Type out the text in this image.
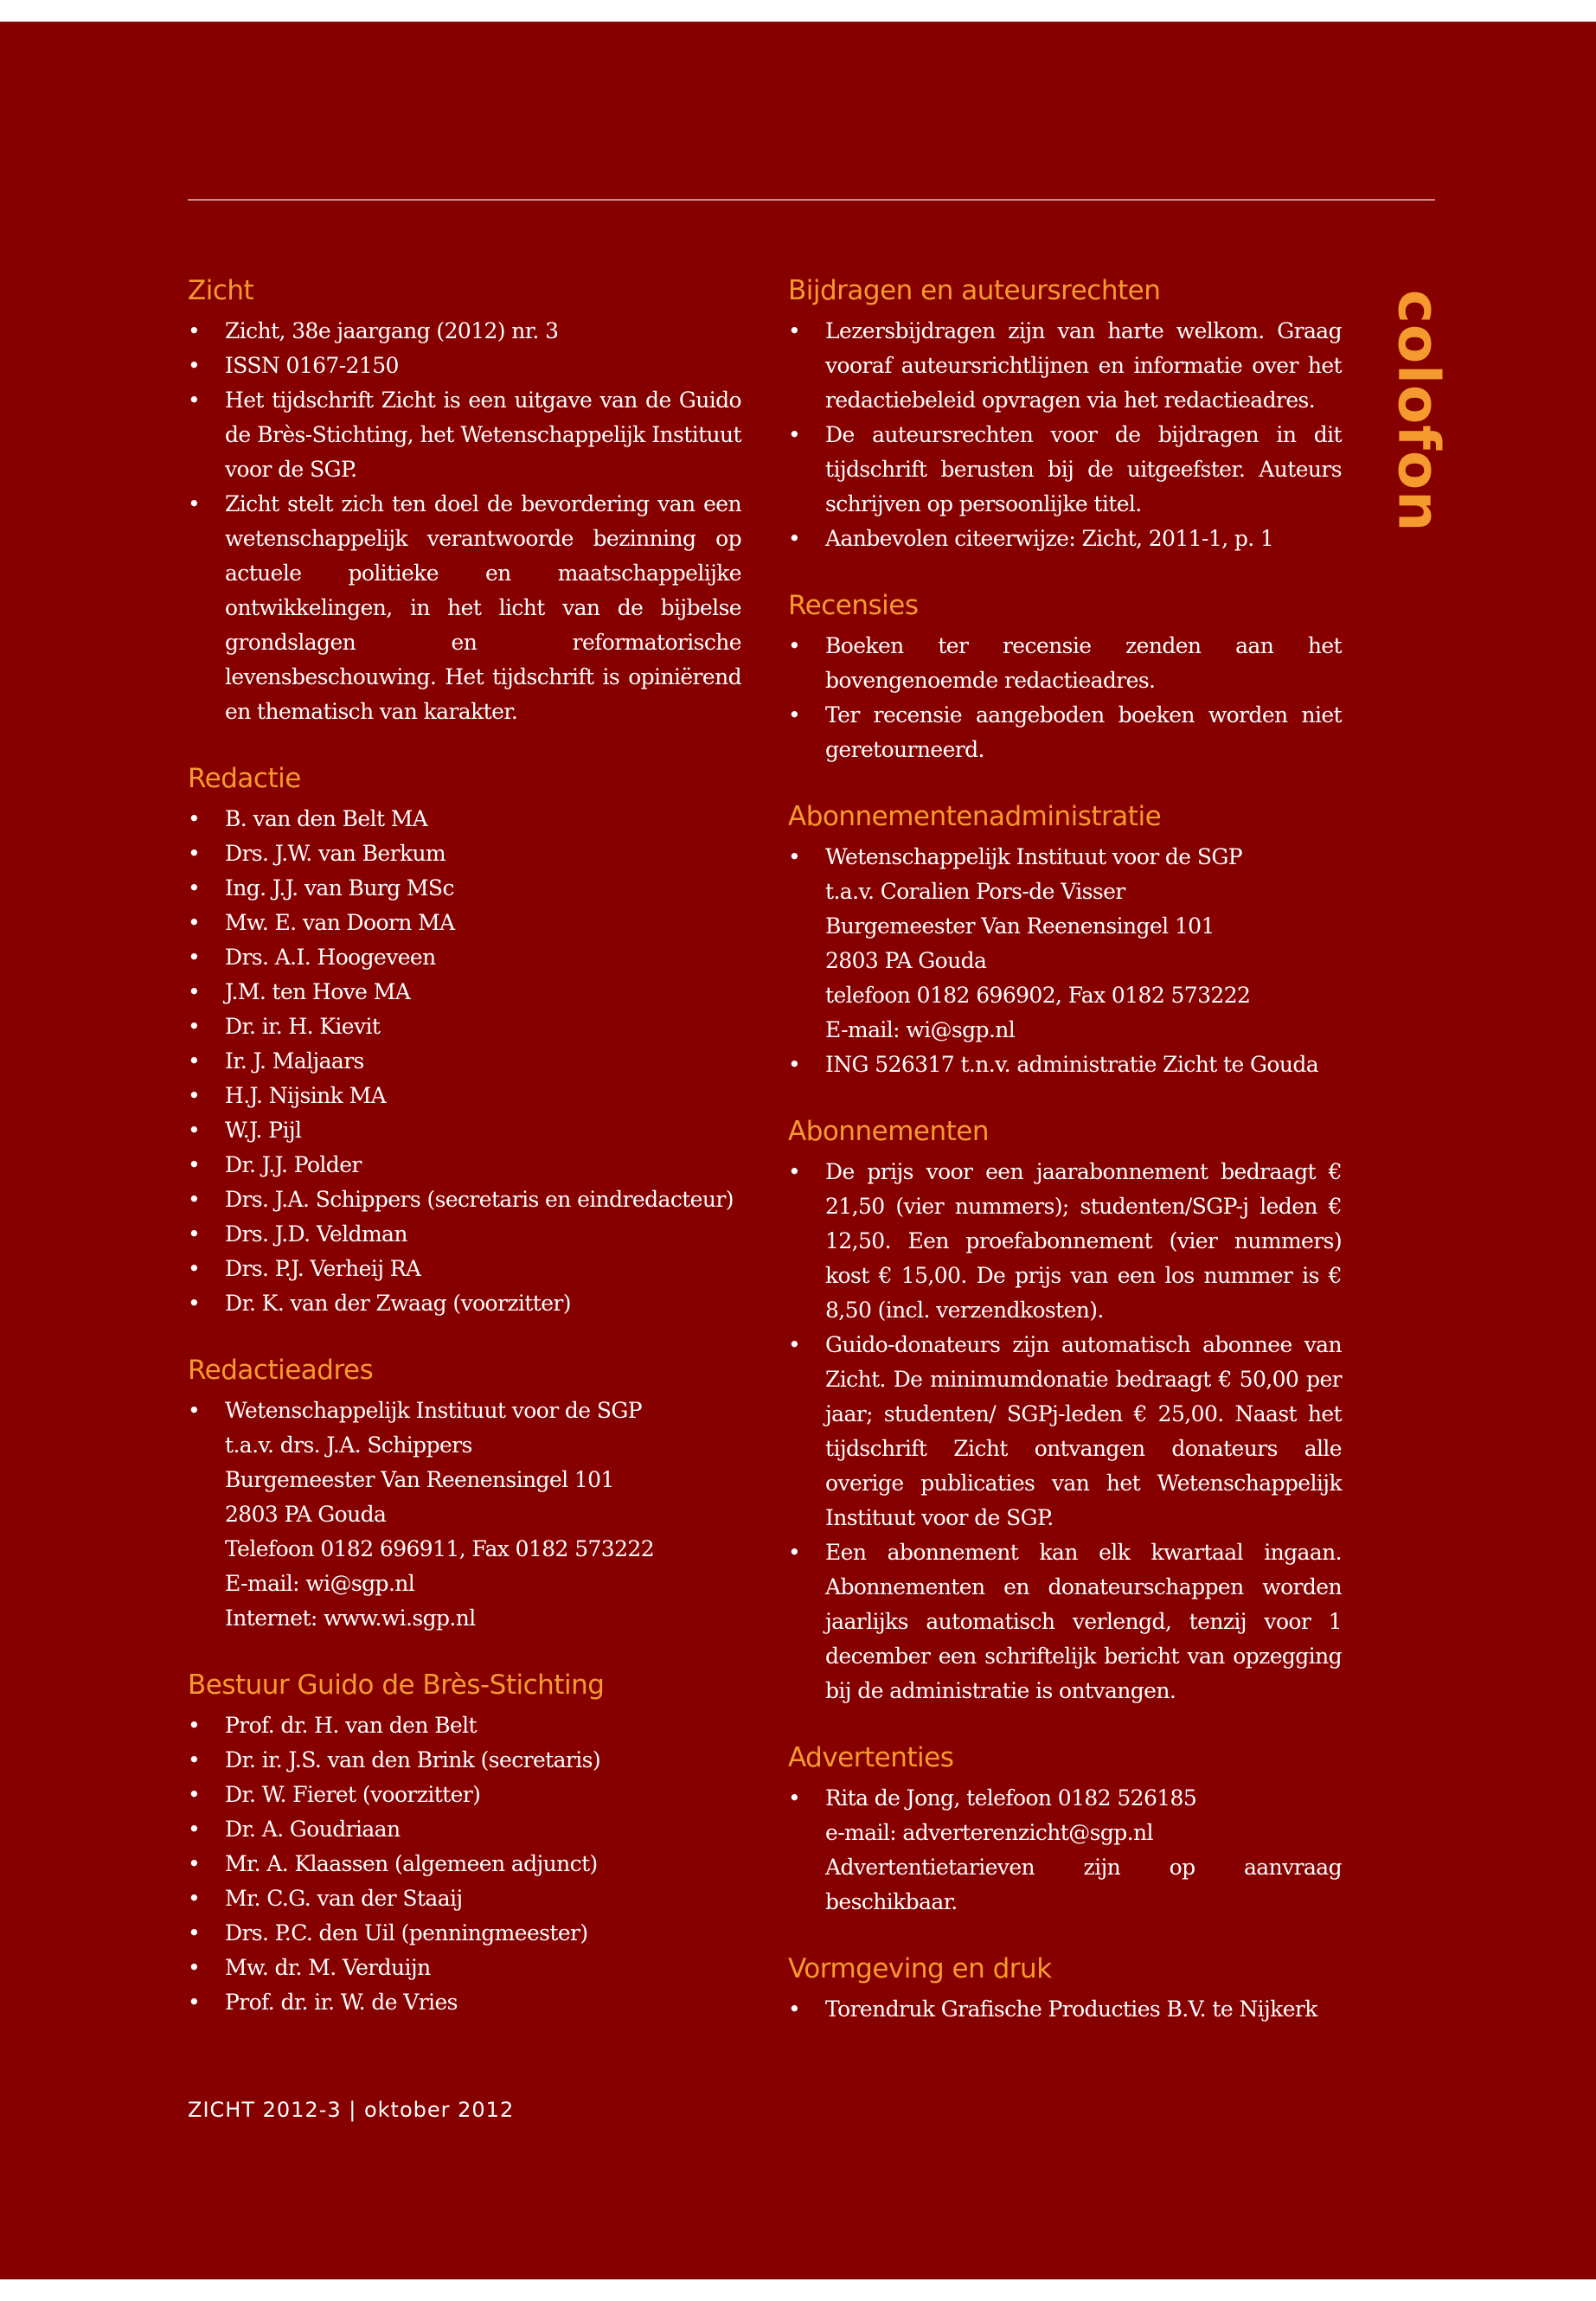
Zicht
• Zicht, 38e jaargang (2012) nr. 3
• ISSN 0167-2150
• Het tijdschrift Zicht is een uitgave van de Guido de Brès-Stichting, het Wetenschappelijk Instituut voor de SGP.
• Zicht stelt zich ten doel de bevordering van een wetenschappelijk verantwoorde bezinning op actuele politieke en maatschappelijke ontwikkelingen, in het licht van de bijbelse grondslagen en reformatorische levensbeschouwing. Het tijdschrift is opiniërend en thematisch van karakter.
Redactie
• B. van den Belt MA
• Drs. J.W. van Berkum
• Ing. J.J. van Burg MSc
• Mw. E. van Doorn MA
• Drs. A.I. Hoogeveen
• J.M. ten Hove MA
• Dr. ir. H. Kievit
• Ir. J. Maljaars
• H.J. Nijsink MA
• W.J. Pijl
• Dr. J.J. Polder
• Drs. J.A. Schippers (secretaris en eindredacteur)
• Drs. J.D. Veldman
• Drs. P.J. Verheij RA
• Dr. K. van der Zwaag (voorzitter)
Redactieadres
• Wetenschappelijk Instituut voor de SGP
t.a.v. drs. J.A. Schippers
Burgemeester Van Reenensingel 101
2803 PA Gouda
Telefoon 0182 696911, Fax 0182 573222
E-mail: wi@sgp.nl
Internet: www.wi.sgp.nl
Bestuur Guido de Brès-Stichting
• Prof. dr. H. van den Belt
• Dr. ir. J.S. van den Brink (secretaris)
• Dr. W. Fieret (voorzitter)
• Dr. A. Goudriaan
• Mr. A. Klaassen (algemeen adjunct)
• Mr. C.G. van der Staaij
• Drs. P.C. den Uil (penningmeester)
• Mw. dr. M. Verduijn
• Prof. dr. ir. W. de Vries
Bijdragen en auteursrechten
• Lezersbijdragen zijn van harte welkom. Graag vooraf auteursrichtlijnen en informatie over het redactiebeleid opvragen via het redactieadres.
• De auteursrechten voor de bijdragen in dit tijdschrift berusten bij de uitgeefster. Auteurs schrijven op persoonlijke titel.
• Aanbevolen citeerwijze: Zicht, 2011-1, p. 1
Recensies
• Boeken ter recensie zenden aan het bovengenoemde redactieadres.
• Ter recensie aangeboden boeken worden niet geretourneerd.
Abonnementenadministratie
• Wetenschappelijk Instituut voor de SGP
t.a.v. Coralien Pors-de Visser
Burgemeester Van Reenensingel 101
2803 PA Gouda
telefoon 0182 696902, Fax 0182 573222
E-mail: wi@sgp.nl
• ING 526317 t.n.v. administratie Zicht te Gouda
Abonnementen
• De prijs voor een jaarabonnement bedraagt € 21,50 (vier nummers); studenten/SGP-j leden € 12,50. Een proefabonnement (vier nummers) kost € 15,00. De prijs van een los nummer is € 8,50 (incl. verzendkosten).
• Guido-donateurs zijn automatisch abonnee van Zicht. De minimumdonatie bedraagt € 50,00 per jaar; studenten/ SGPj-leden € 25,00. Naast het tijdschrift Zicht ontvangen donateurs alle overige publicaties van het Wetenschappelijk Instituut voor de SGP.
• Een abonnement kan elk kwartaal ingaan. Abonnementen en donateurschappen worden jaarlijks automatisch verlengd, tenzij voor 1 december een schriftelijk bericht van opzegging bij de administratie is ontvangen.
Advertenties
• Rita de Jong, telefoon 0182 526185
e-mail: adverterenzicht@sgp.nl
Advertentietarieven zijn op aanvraag beschikbaar.
Vormgeving en druk
• Torendruk Grafische Producties B.V. te Nijkerk
colofon
ZICHT 2012-3 | oktober 2012
